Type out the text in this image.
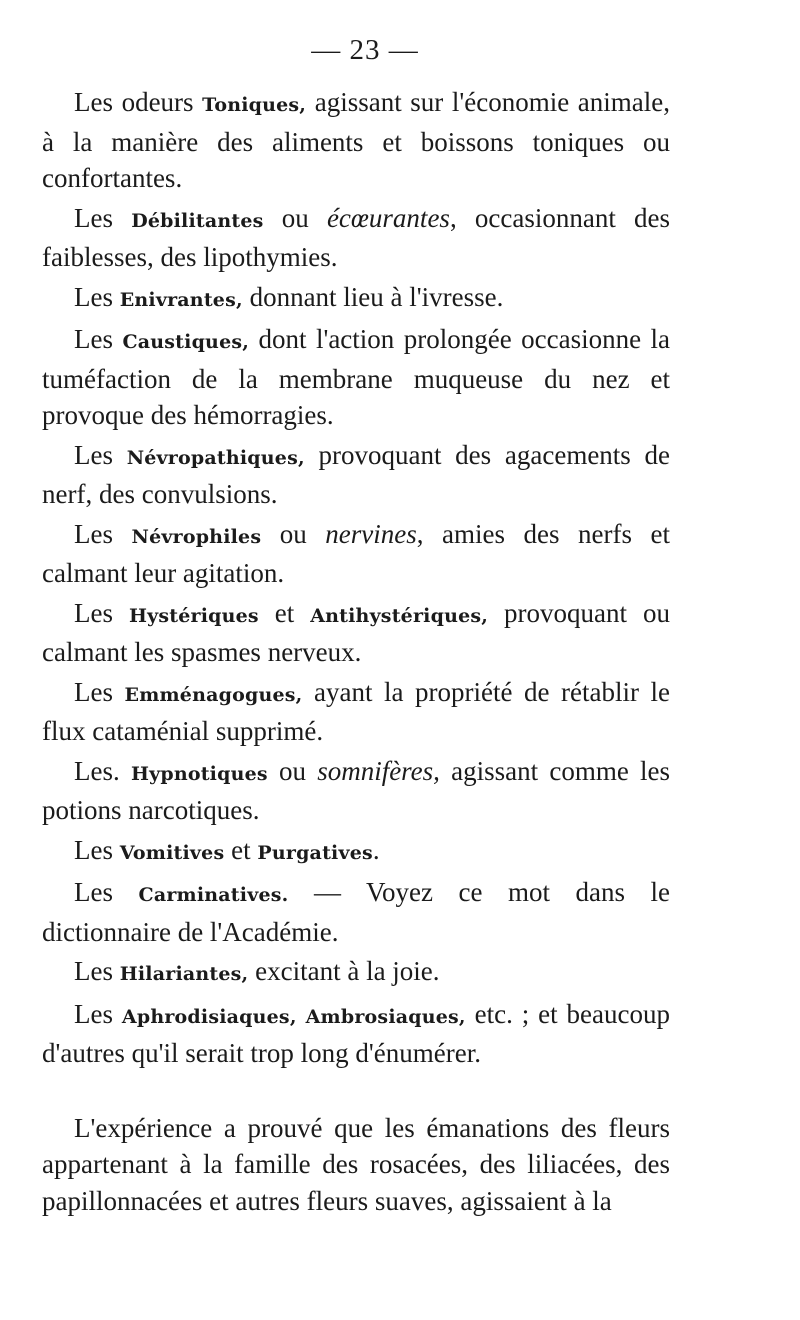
— 23 —

Les odeurs Toniques, agissant sur l'économie animale, à la manière des aliments et boissons toniques ou confortantes.

Les Débilitantes ou écœurantes, occasionnant des faiblesses, des lipothymies.

Les Enivrantes, donnant lieu à l'ivresse.

Les Caustiques, dont l'action prolongée occasionne la tuméfaction de la membrane muqueuse du nez et provoque des hémorragies.

Les Névropathiques, provoquant des agacements de nerf, des convulsions.

Les Névrophiles ou nervines, amies des nerfs et calmant leur agitation.

Les Hystériques et Antihystériques, provoquant ou calmant les spasmes nerveux.

Les Emménagogues, ayant la propriété de rétablir le flux cataménial supprimé.

Les. Hypnotiques ou somnifères, agissant comme les potions narcotiques.

Les Vomitives et Purgatives.

Les Carminatives. — Voyez ce mot dans le dictionnaire de l'Académie.

Les Hilariantes, excitant à la joie.

Les Aphrodisiaques, Ambrosiaques, etc. ; et beaucoup d'autres qu'il serait trop long d'énumérer.

L'expérience a prouvé que les émanations des fleurs appartenant à la famille des rosacées, des liliacées, des papillonnacées et autres fleurs suaves, agissaient à la
